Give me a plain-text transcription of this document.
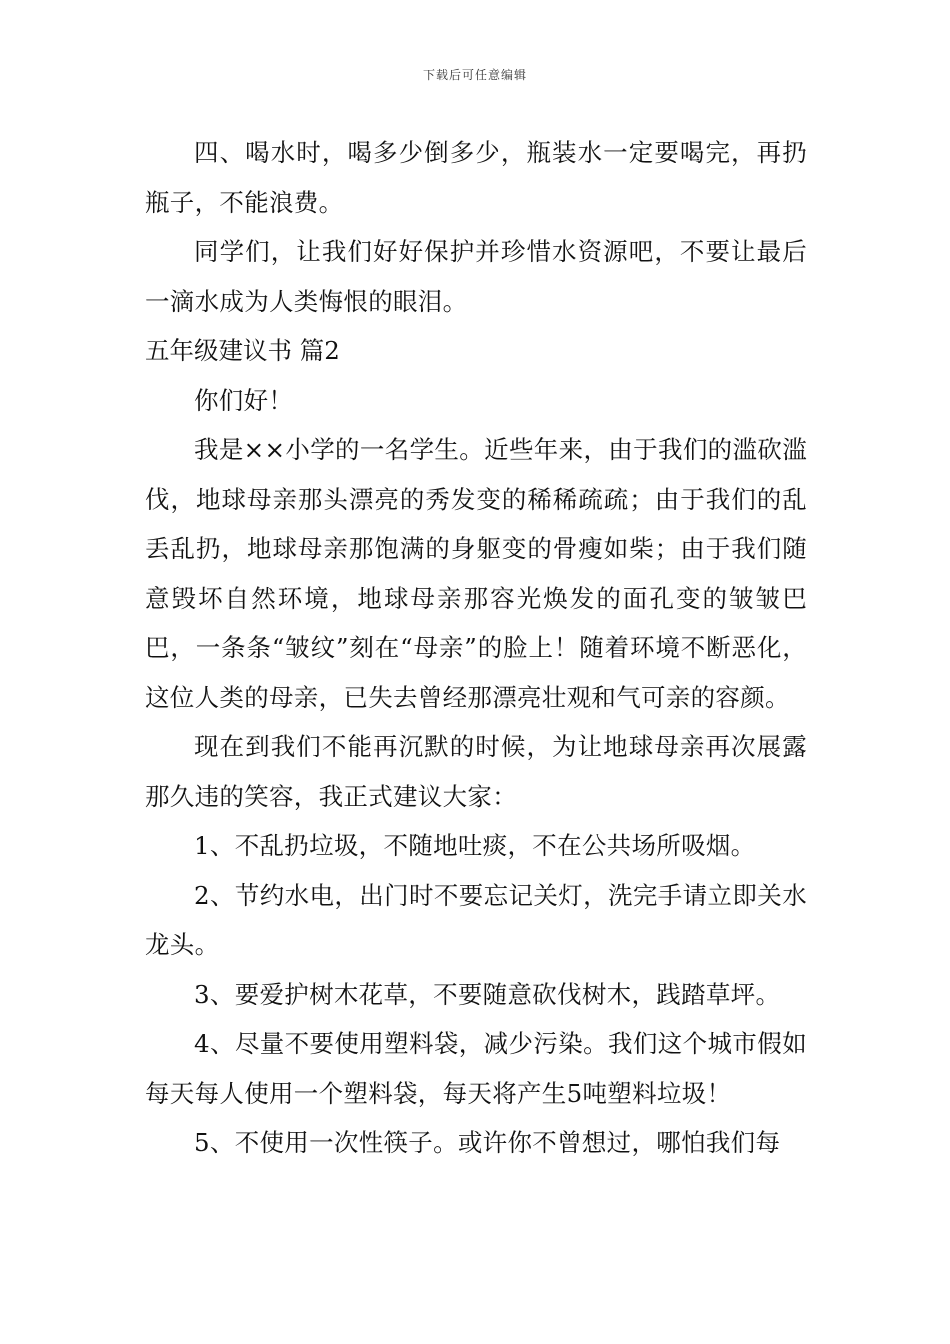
下载后可任意编辑

四、喝水时，喝多少倒多少，瓶装水一定要喝完，再扔瓶子，不能浪费。

同学们，让我们好好保护并珍惜水资源吧，不要让最后一滴水成为人类悔恨的眼泪。

五年级建议书 篇2

你们好！

我是××小学的一名学生。近些年来，由于我们的滥砍滥伐，地球母亲那头漂亮的秀发变的稀稀疏疏；由于我们的乱丢乱扔，地球母亲那饱满的身躯变的骨瘦如柴；由于我们随意毁坏自然环境，地球母亲那容光焕发的面孔变的皱皱巴巴，一条条“皱纹”刻在“母亲”的脸上！随着环境不断恶化，这位人类的母亲，已失去曾经那漂亮壮观和气可亲的容颜。

现在到我们不能再沉默的时候，为让地球母亲再次展露那久违的笑容，我正式建议大家：

1、不乱扔垃圾，不随地吐痰，不在公共场所吸烟。

2、节约水电，出门时不要忘记关灯，洗完手请立即关水龙头。

3、要爱护树木花草，不要随意砍伐树木，践踏草坪。

4、尽量不要使用塑料袋，减少污染。我们这个城市假如每天每人使用一个塑料袋，每天将产生5吨塑料垃圾！

5、不使用一次性筷子。或许你不曾想过，哪怕我们每
